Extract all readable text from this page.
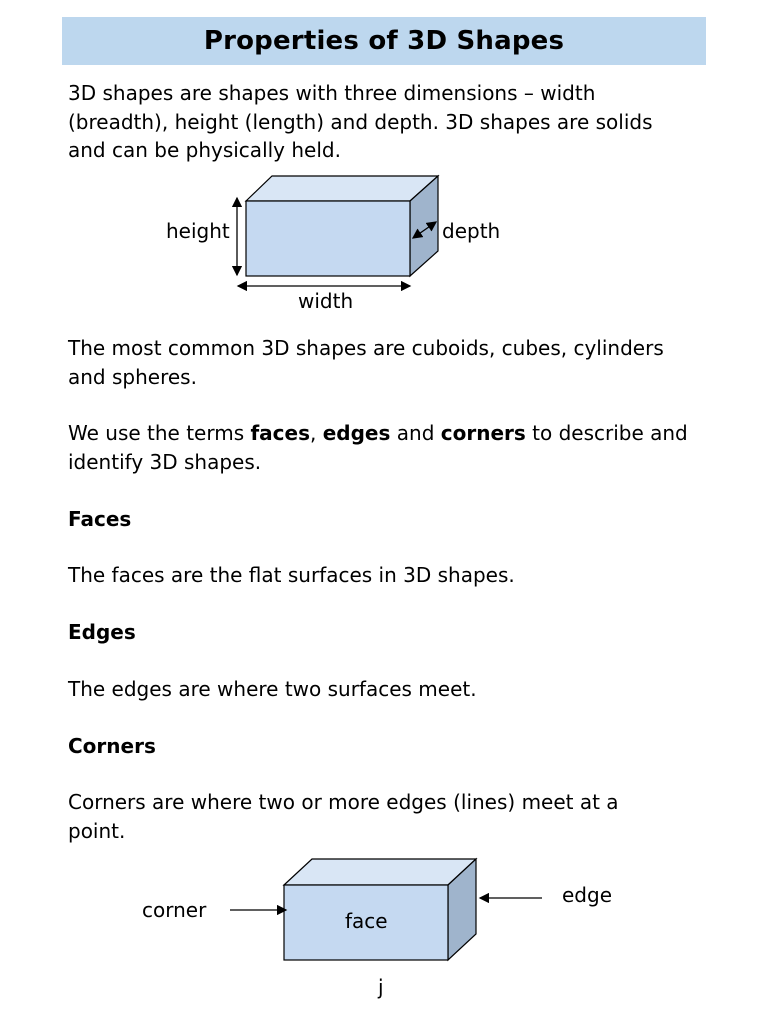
Properties of 3D Shapes
3D shapes are shapes with three dimensions – width
(breadth), height (length) and depth. 3D shapes are solids
and can be physically held.
height	depth
width
The most common 3D shapes are cuboids, cubes, cylinders
and spheres.
We use the terms faces, edges and corners to describe and
identify 3D shapes.
Faces
The faces are the flat surfaces in 3D shapes.
Edges
The edges are where two surfaces meet.
Corners
Corners are where two or more edges (lines) meet at a
point.
corner	face
edge
j
